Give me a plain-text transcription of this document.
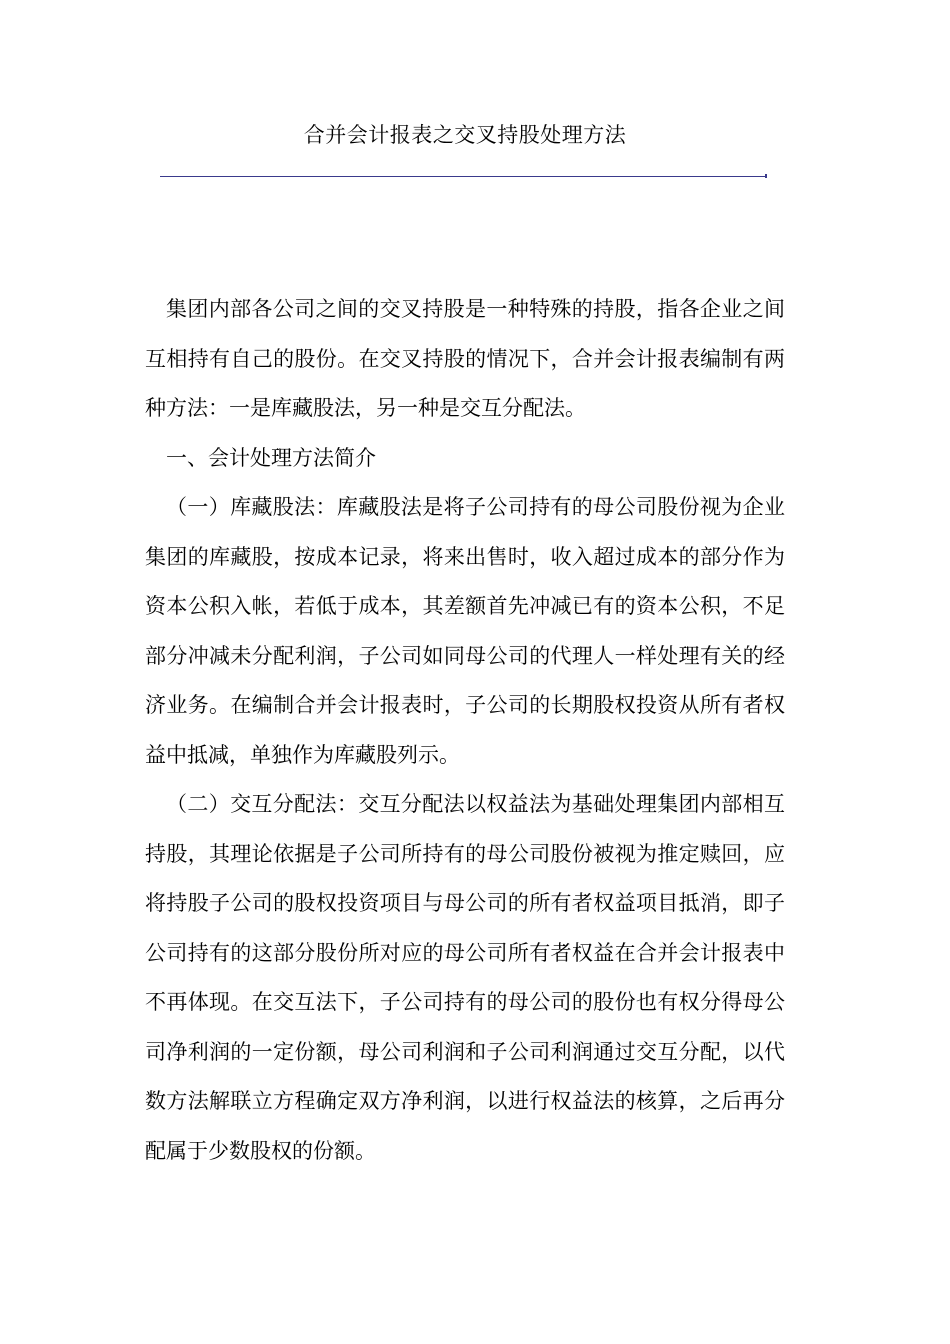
合并会计报表之交叉持股处理方法

集团内部各公司之间的交叉持股是一种特殊的持股，指各企业之间互相持有自己的股份。在交叉持股的情况下，合并会计报表编制有两种方法：一是库藏股法，另一种是交互分配法。

一、会计处理方法简介

（一）库藏股法：库藏股法是将子公司持有的母公司股份视为企业集团的库藏股，按成本记录，将来出售时，收入超过成本的部分作为资本公积入帐，若低于成本，其差额首先冲减已有的资本公积，不足部分冲减未分配利润，子公司如同母公司的代理人一样处理有关的经济业务。在编制合并会计报表时，子公司的长期股权投资从所有者权益中抵减，单独作为库藏股列示。

（二）交互分配法：交互分配法以权益法为基础处理集团内部相互持股，其理论依据是子公司所持有的母公司股份被视为推定赎回，应将持股子公司的股权投资项目与母公司的所有者权益项目抵消，即子公司持有的这部分股份所对应的母公司所有者权益在合并会计报表中不再体现。在交互法下，子公司持有的母公司的股份也有权分得母公司净利润的一定份额，母公司利润和子公司利润通过交互分配，以代数方法解联立方程确定双方净利润，以进行权益法的核算，之后再分配属于少数股权的份额。
